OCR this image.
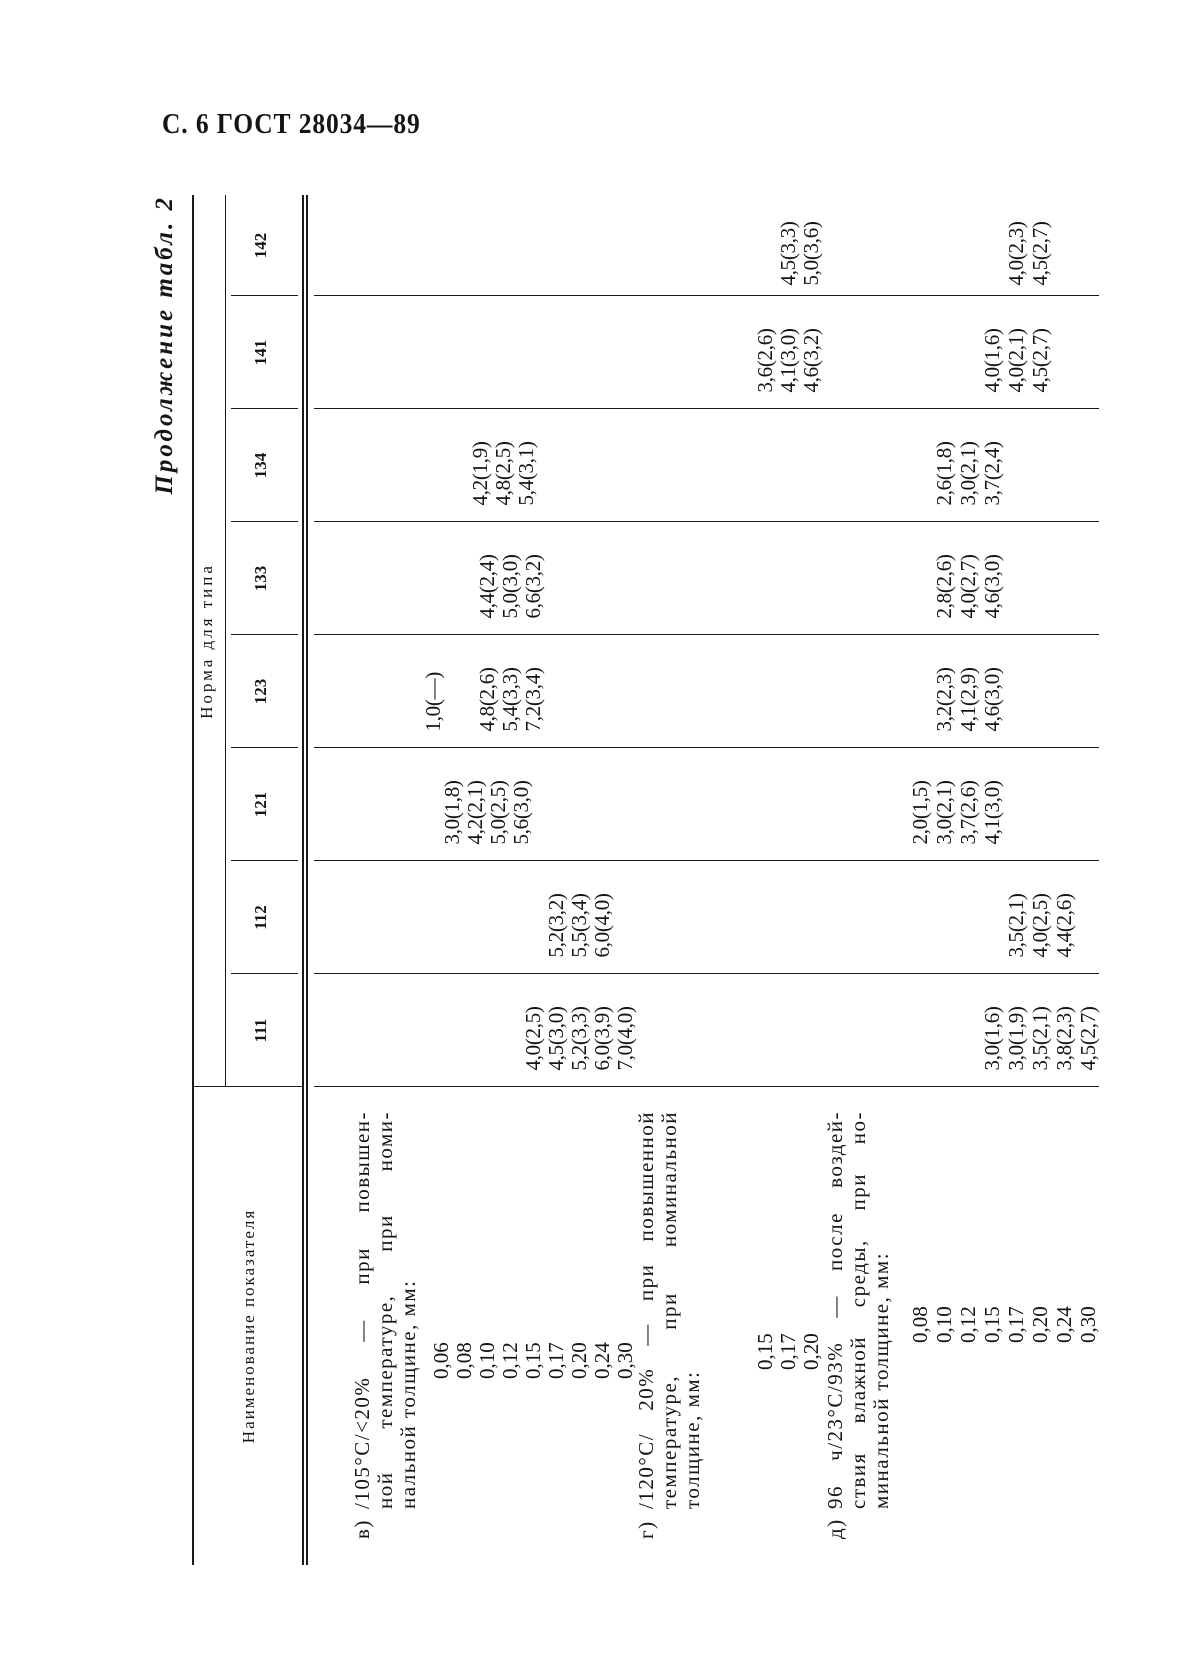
С. 6 ГОСТ 28034—89
Продолжение табл. 2
Наименование показателя
Норма для типа
111
112
121
123
133
134
141
142
в)
/105°C/<20% — при повышен- ной температуре, при номи- нальной толщине, мм: 0,06 0,08 0,10 0,12 0,15 0,17 0,20 0,24 0,30
4,0(2,5) 4,5(3,0) 5,2(3,3) 6,0(3,9) 7,0(4,0)
5,2(3,2) 5,5(3,4) 6,0(4,0)
3,0(1,8) 4,2(2,1) 5,0(2,5) 5,6(3,0)
1,0(—) 4,8(2,6) 5,4(3,3) 7,2(3,4)
4,4(2,4) 5,0(3,0) 6,6(3,2)
4,2(1,9) 4,8(2,5) 5,4(3,1)
г)
/120°C/ 20% — при повышенной температуре, при номинальной толщине, мм:
0,15 0,17 0,20
3,6(2,6) 4,1(3,0) 4,6(3,2)
4,5(3,3) 5,0(3,6)
д)
96 ч/23°C/93% — после воздей- ствия влажной среды, при но- минальной толщине, мм: 0,08 0,10 0,12 0,15 0,17 0,20 0,24 0,30
3,0(1,6) 3,0(1,9) 3,5(2,1) 3,8(2,3) 4,5(2,7)
3,5(2,1) 4,0(2,5) 4,4(2,6)
2,0(1,5) 3,0(2,1) 3,7(2,6) 4,1(3,0)
3,2(2,3) 4,1(2,9) 4,6(3,0)
2,8(2,6) 4,0(2,7) 4,6(3,0)
2,6(1,8) 3,0(2,1) 3,7(2,4)
4,0(1,6) 4,0(2,1) 4,5(2,7)
4,0(2,3) 4,5(2,7)
